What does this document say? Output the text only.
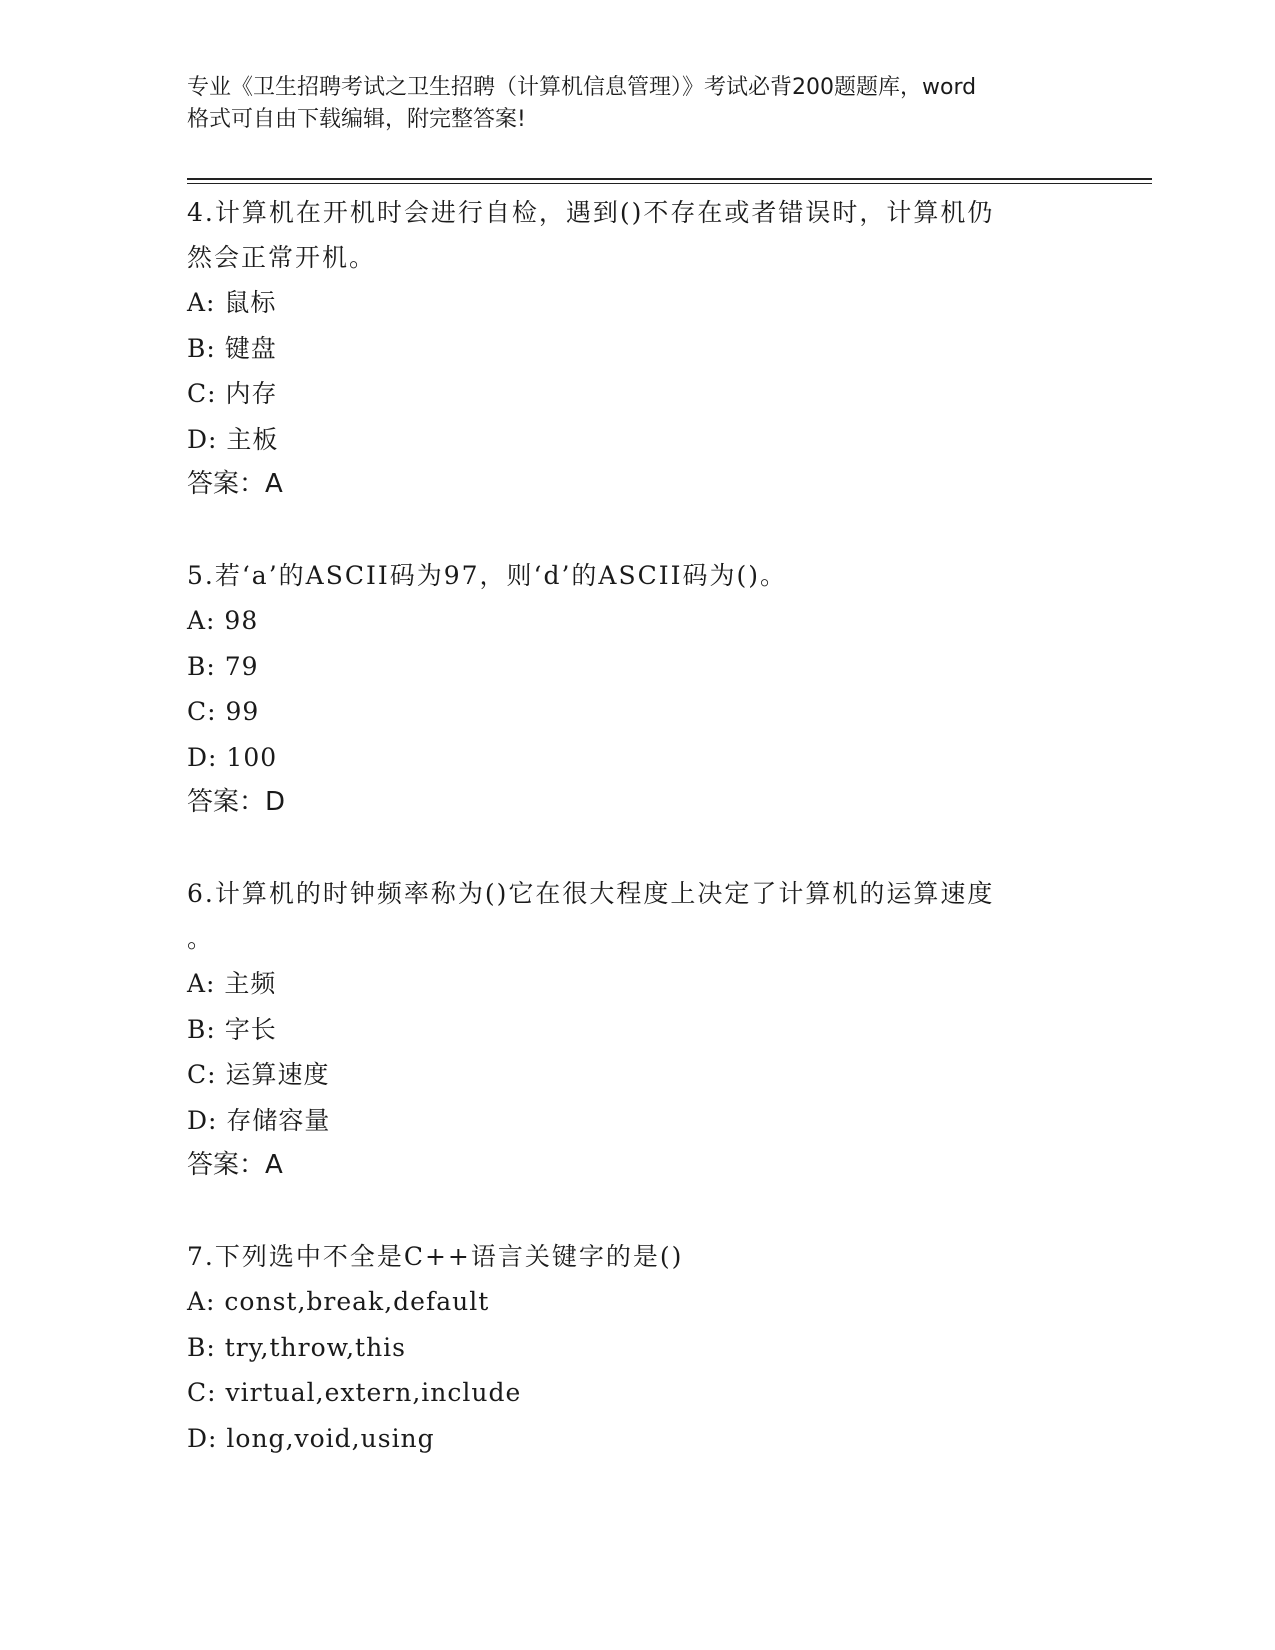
专业《卫生招聘考试之卫生招聘（计算机信息管理）》考试必背200题题库，word
格式可自由下载编辑，附完整答案!
4.计算机在开机时会进行自检，遇到()不存在或者错误时，计算机仍
然会正常开机。
A: 鼠标
B: 键盘
C: 内存
D: 主板
答案：A
5.若‘a’的ASCII码为97，则‘d’的ASCII码为()。
A: 98
B: 79
C: 99
D: 100
答案：D
6.计算机的时钟频率称为()它在很大程度上决定了计算机的运算速度
。
A: 主频
B: 字长
C: 运算速度
D: 存储容量
答案：A
7.下列选中不全是C++语言关键字的是()
A: const,break,default
B: try,throw,this
C: virtual,extern,include
D: long,void,using
